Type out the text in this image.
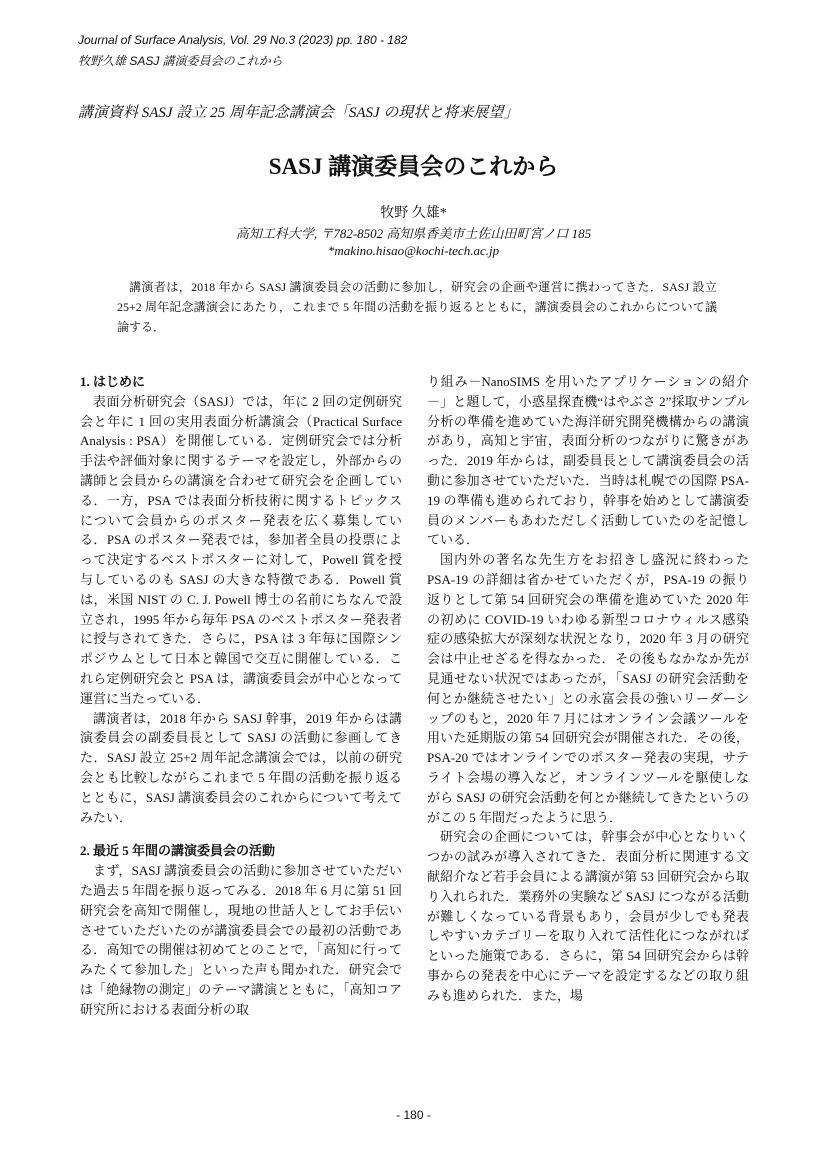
Journal of Surface Analysis, Vol. 29 No.3 (2023) pp. 180 - 182
牧野久雄 SASJ 講演委員会のこれから
講演資料 SASJ 設立 25 周年記念講演会「SASJ の現状と将来展望」
SASJ 講演委員会のこれから
牧野 久雄*
高知工科大学, 〒782-8502 高知県香美市土佐山田町宮ノ口 185
*makino.hisao@kochi-tech.ac.jp
講演者は，2018 年から SASJ 講演委員会の活動に参加し，研究会の企画や運営に携わってきた．SASJ 設立 25+2 周年記念講演会にあたり，これまで 5 年間の活動を振り返るとともに，講演委員会のこれからについて議論する．
1. はじめに

表面分析研究会（SASJ）では，年に 2 回の定例研究会と年に 1 回の実用表面分析講演会（Practical Surface Analysis : PSA）を開催している．定例研究会では分析手法や評価対象に関するテーマを設定し，外部からの講師と会員からの講演を合わせて研究会を企画している．一方，PSA では表面分析技術に関するトピックスについて会員からのポスター発表を広く募集している．PSA のポスター発表では，参加者全員の投票によって決定するベストポスターに対して，Powell 賞を授与しているのも SASJ の大きな特徴である．Powell 賞は，米国 NIST の C. J. Powell 博士の名前にちなんで設立され，1995 年から毎年 PSA のベストポスター発表者に授与されてきた．さらに，PSA は 3 年毎に国際シンポジウムとして日本と韓国で交互に開催している．これら定例研究会と PSA は，講演委員会が中心となって運営に当たっている．

講演者は，2018 年から SASJ 幹事，2019 年からは講演委員会の副委員長として SASJ の活動に参画してきた．SASJ 設立 25+2 周年記念講演会では，以前の研究会とも比較しながらこれまで 5 年間の活動を振り返るとともに，SASJ 講演委員会のこれからについて考えてみたい．

2. 最近 5 年間の講演委員会の活動

まず，SASJ 講演委員会の活動に参加させていただいた過去 5 年間を振り返ってみる．2018 年 6 月に第 51 回研究会を高知で開催し，現地の世話人としてお手伝いさせていただいたのが講演委員会での最初の活動である．高知での開催は初めてとのことで，「高知に行ってみたくて参加した」といった声も聞かれた．研究会では「絶縁物の測定」のテーマ講演とともに，「高知コア研究所における表面分析の取

り組み－NanoSIMS を用いたアプリケーションの紹介－」と題して，小惑星探査機“はやぶさ 2”採取サンプル分析の準備を進めていた海洋研究開発機構からの講演があり，高知と宇宙，表面分析のつながりに驚きがあった．2019 年からは，副委員長として講演委員会の活動に参加させていただいた．当時は札幌での国際 PSA-19 の準備も進められており，幹事を始めとして講演委員のメンバーもあわただしく活動していたのを記憶している．

国内外の著名な先生方をお招きし盛況に終わった PSA-19 の詳細は省かせていただくが，PSA-19 の振り返りとして第 54 回研究会の準備を進めていた 2020 年の初めに COVID-19 いわゆる新型コロナウィルス感染症の感染拡大が深刻な状況となり，2020 年 3 月の研究会は中止せざるを得なかった．その後もなかなか先が見通せない状況ではあったが，「SASJ の研究会活動を何とか継続させたい」との永富会長の強いリーダーシップのもと，2020 年 7 月にはオンライン会議ツールを用いた延期版の第 54 回研究会が開催された．その後，PSA-20 ではオンラインでのポスター発表の実現，サテライト会場の導入など，オンラインツールを駆使しながら SASJ の研究会活動を何とか継続してきたというのがこの 5 年間だったように思う．

研究会の企画については，幹事会が中心となりいくつかの試みが導入されてきた．表面分析に関連する文献紹介など若手会員による講演が第 53 回研究会から取り入れられた．業務外の実験など SASJ につながる活動が難しくなっている背景もあり，会員が少しでも発表しやすいカテゴリーを取り入れて活性化につながればといった施策である．さらに，第 54 回研究会からは幹事からの発表を中心にテーマを設定するなどの取り組みも進められた．また，場

- 180 -
